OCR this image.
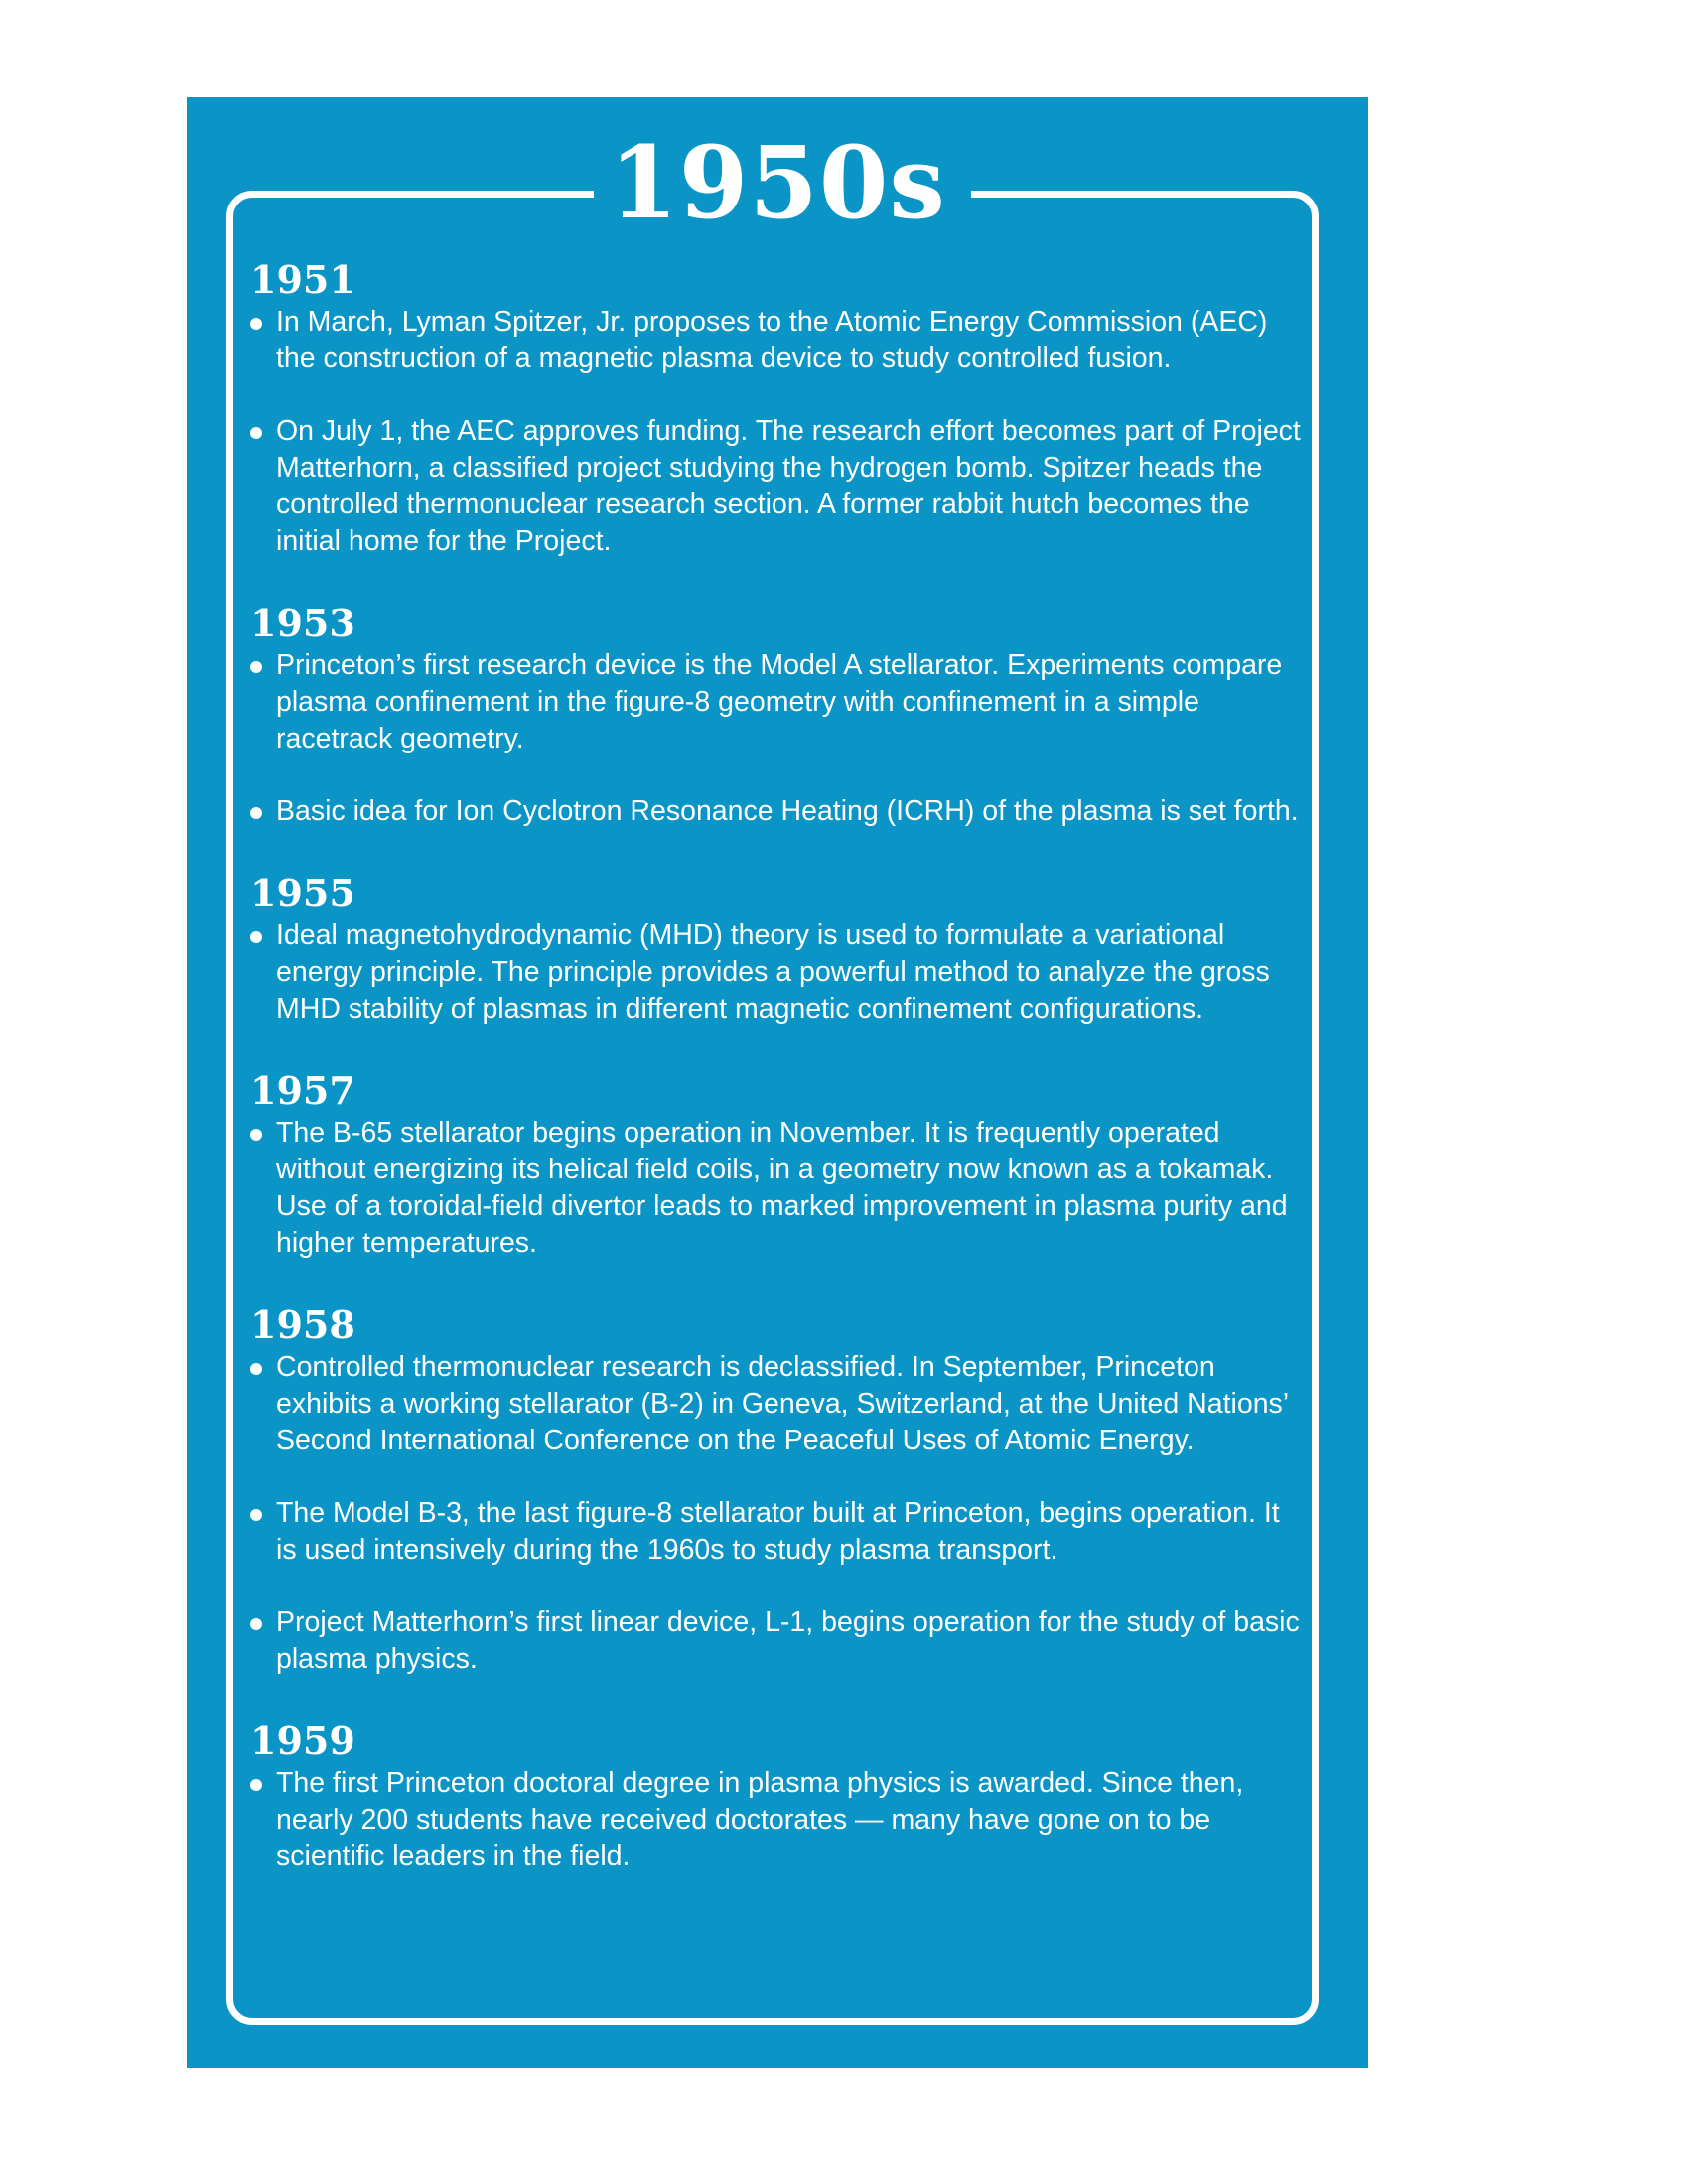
1950s
1951
In March, Lyman Spitzer, Jr. proposes to the Atomic Energy Commission (AEC) the construction of a magnetic plasma device to study controlled fusion.
On July 1, the AEC approves funding. The research effort becomes part of Project Matterhorn, a classified project studying the hydrogen bomb. Spitzer heads the controlled thermonuclear research section. A former rabbit hutch becomes the initial home for the Project.
1953
Princeton’s first research device is the Model A stellarator. Experiments compare plasma confinement in the figure-8 geometry with confinement in a simple racetrack geometry.
Basic idea for Ion Cyclotron Resonance Heating (ICRH) of the plasma is set forth.
1955
Ideal magnetohydrodynamic (MHD) theory is used to formulate a variational energy principle. The principle provides a powerful method to analyze the gross MHD stability of plasmas in different magnetic confinement configurations.
1957
The B-65 stellarator begins operation in November. It is frequently operated without energizing its helical field coils, in a geometry now known as a tokamak. Use of a toroidal-field divertor leads to marked improvement in plasma purity and higher temperatures.
1958
Controlled thermonuclear research is declassified. In September, Princeton exhibits a working stellarator (B-2) in Geneva, Switzerland, at the United Nations’ Second International Conference on the Peaceful Uses of Atomic Energy.
The Model B-3, the last figure-8 stellarator built at Princeton, begins operation. It is used intensively during the 1960s to study plasma transport.
Project Matterhorn’s first linear device, L-1, begins operation for the study of basic plasma physics.
1959
The first Princeton doctoral degree in plasma physics is awarded. Since then, nearly 200 students have received doctorates — many have gone on to be scientific leaders in the field.
